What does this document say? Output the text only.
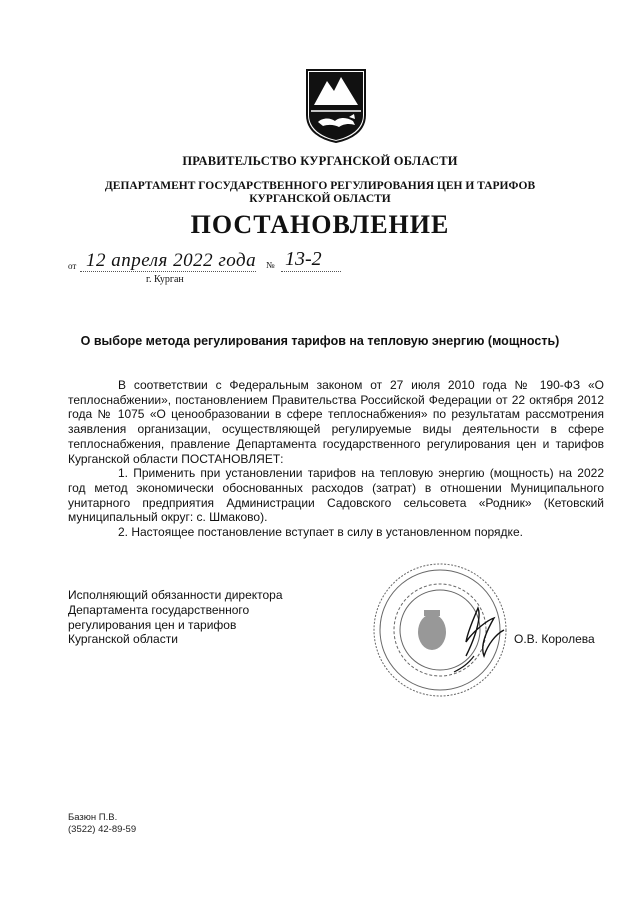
ПРАВИТЕЛЬСТВО КУРГАНСКОЙ ОБЛАСТИ
ДЕПАРТАМЕНТ ГОСУДАРСТВЕННОГО РЕГУЛИРОВАНИЯ ЦЕН И ТАРИФОВ
КУРГАНСКОЙ ОБЛАСТИ
ПОСТАНОВЛЕНИЕ
от 12 апреля 2022 года № 13-2
г. Курган
О выборе метода регулирования тарифов на тепловую энергию (мощность)

В соответствии с Федеральным законом от 27 июля 2010 года № 190-ФЗ «О теплоснабжении», постановлением Правительства Российской Федерации от 22 октября 2012 года № 1075 «О ценообразовании в сфере теплоснабжения» по результатам рассмотрения заявления организации, осуществляющей регулируемые виды деятельности в сфере теплоснабжения, правление Департамента государственного регулирования цен и тарифов Курганской области ПОСТАНОВЛЯЕТ:

1. Применить при установлении тарифов на тепловую энергию (мощность) на 2022 год метод экономически обоснованных расходов (затрат) в отношении Муниципального унитарного предприятия Администрации Садовского сельсовета «Родник» (Кетовский муниципальный округ: с. Шмаково).

2. Настоящее постановление вступает в силу в установленном порядке.

Исполняющий обязанности директора
Департамента государственного
регулирования цен и тарифов
Курганской области	О.В. Королева
Базюн П.В.
(3522) 42-89-59
